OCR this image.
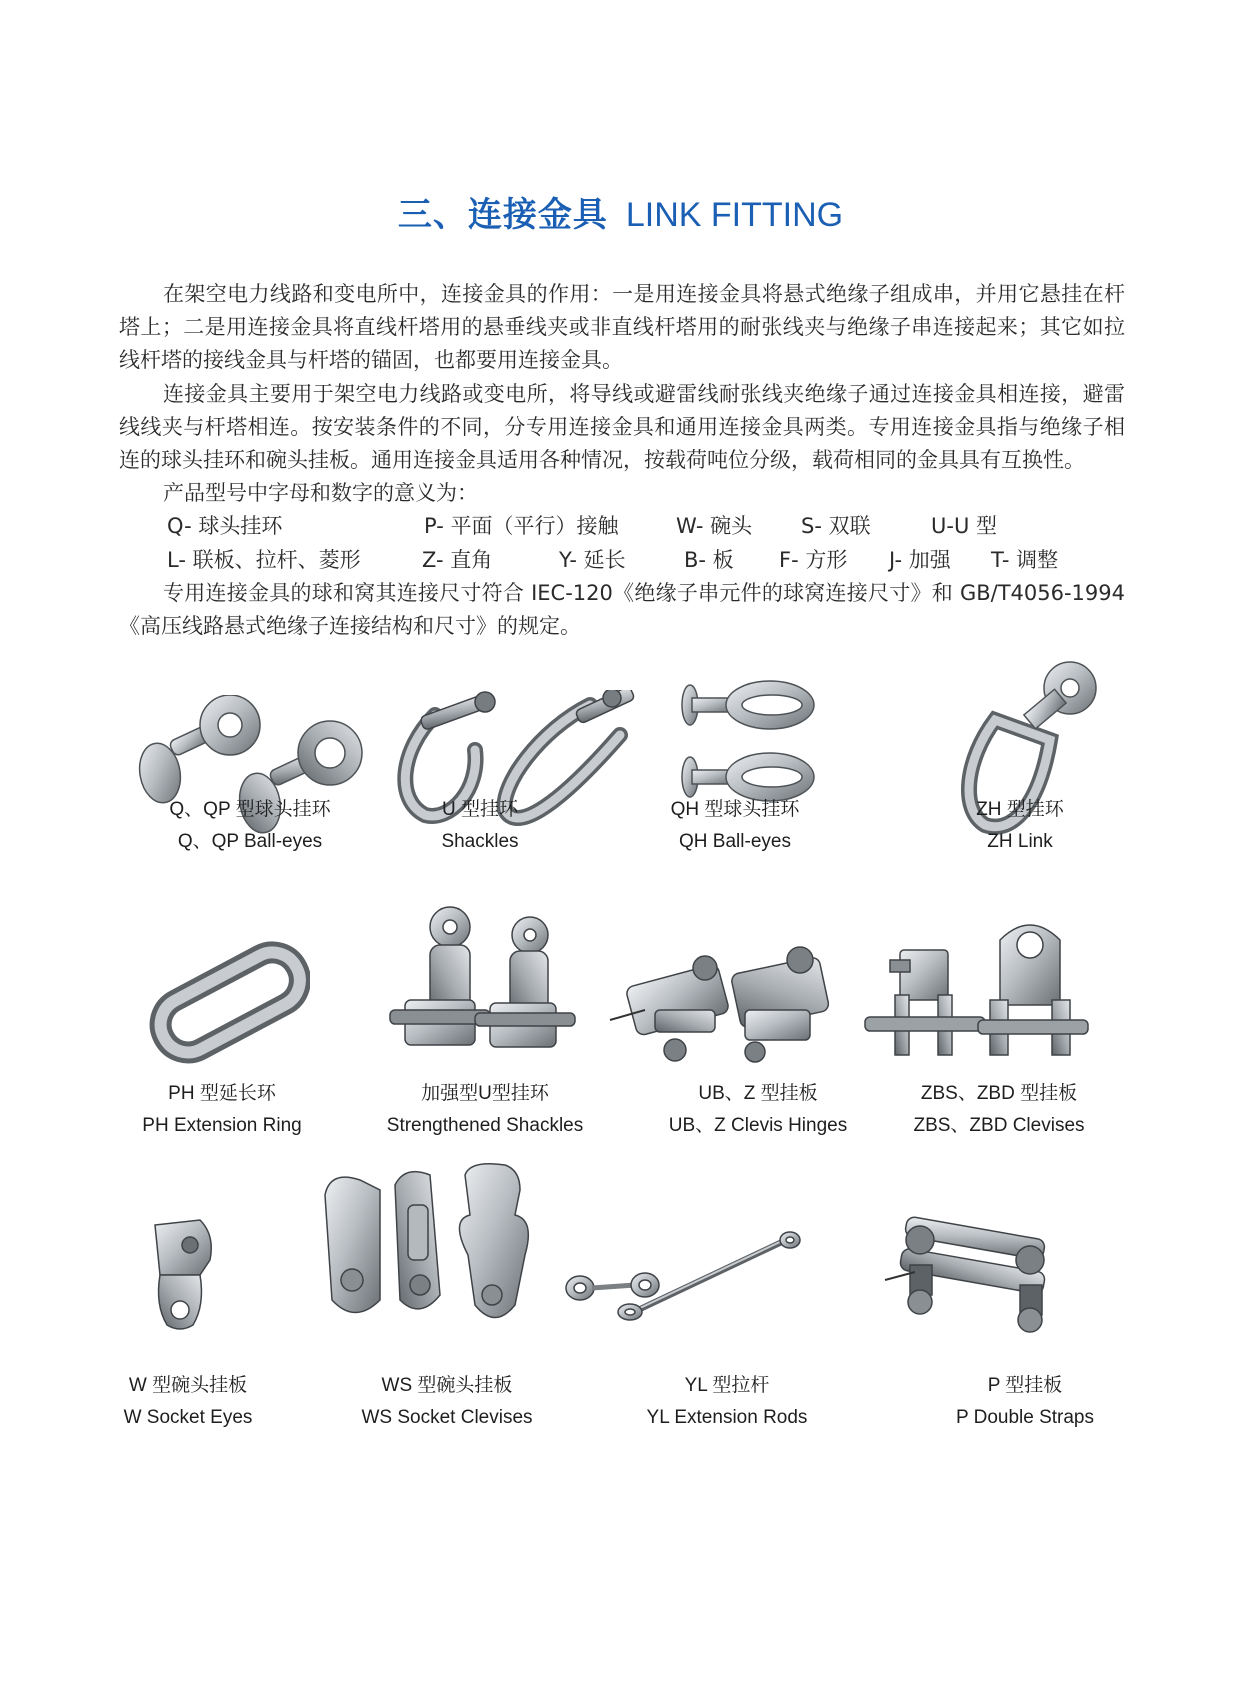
三、连接金具 LINK FITTING

在架空电力线路和变电所中，连接金具的作用：一是用连接金具将悬式绝缘子组成串，并用它悬挂在杆塔上；二是用连接金具将直线杆塔用的悬垂线夹或非直线杆塔用的耐张线夹与绝缘子串连接起来；其它如拉线杆塔的接线金具与杆塔的锚固，也都要用连接金具。

连接金具主要用于架空电力线路或变电所，将导线或避雷线耐张线夹绝缘子通过连接金具相连接，避雷线线夹与杆塔相连。按安装条件的不同，分专用连接金具和通用连接金具两类。专用连接金具指与绝缘子相连的球头挂环和碗头挂板。通用连接金具适用各种情况，按载荷吨位分级，载荷相同的金具具有互换性。

产品型号中字母和数字的意义为：

Q- 球头挂环	P- 平面（平行）接触	W- 碗头 S- 双联	U-U 型
L- 联板、拉杆、菱形	Z- 直角	Y- 延长	B- 板 F- 方形 J- 加强 T- 调整

专用连接金具的球和窝其连接尺寸符合 IEC-120《绝缘子串元件的球窝连接尺寸》和 GB/T4056-1994《高压线路悬式绝缘子连接结构和尺寸》的规定。

Q、QP 型球头挂环
Q、QP Ball-eyes
U 型挂环
Shackles
QH 型球头挂环
QH Ball-eyes
ZH 型挂环
ZH Link
PH 型延长环
PH Extension Ring
加强型U型挂环
Strengthened Shackles
UB、Z 型挂板
UB、Z Clevis Hinges
ZBS、ZBD 型挂板
ZBS、ZBD Clevises
W 型碗头挂板
W Socket Eyes
WS 型碗头挂板
WS Socket Clevises
YL 型拉杆
YL Extension Rods
P 型挂板
P Double Straps
